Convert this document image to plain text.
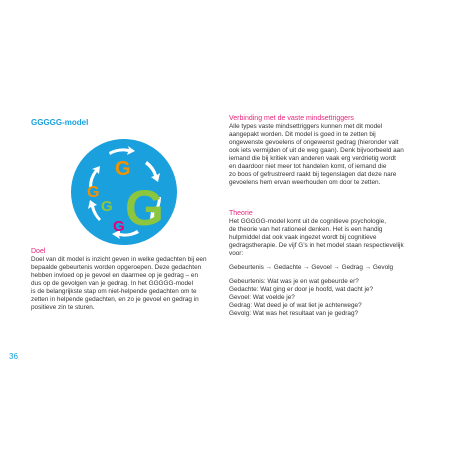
GGGGG-model
G
G G
G
G
Doel
Doel van dit model is inzicht geven in welke gedachten bij een
bepaalde gebeurtenis worden opgeroepen. Deze gedachten
hebben invloed op je gevoel en daarmee op je gedrag – en
dus op de gevolgen van je gedrag. In het GGGGG-model
is de belangrijkste stap om niet-helpende gedachten om te
zetten in helpende gedachten, en zo je gevoel en gedrag in
positieve zin te sturen.
Verbinding met de vaste mindsettriggers
Alle types vaste mindsettriggers kunnen met dit model
aangepakt worden. Dit model is goed in te zetten bij
ongewenste gevoelens of ongewenst gedrag (hieronder valt
ook iets vermijden of uit de weg gaan). Denk bijvoorbeeld aan
iemand die bij kritiek van anderen vaak erg verdrietig wordt
en daardoor niet meer tot handelen komt, of iemand die
zo boos of gefrustreerd raakt bij tegenslagen dat deze nare
gevoelens hem ervan weerhouden om door te zetten.
Theorie
Het GGGGG-model komt uit de cognitieve psychologie,
de theorie van het rationeel denken. Het is een handig
hulpmiddel dat ook vaak ingezet wordt bij cognitieve
gedragstherapie. De vijf G’s in het model staan respectievelijk
voor:
Gebeurtenis → Gedachte → Gevoel → Gedrag → Gevolg
Gebeurtenis: Wat was je en wat gebeurde er?
Gedachte: Wat ging er door je hoofd, wat dacht je?
Gevoel: Wat voelde je?
Gedrag: Wat deed je of wat liet je achterwege?
Gevolg: Wat was het resultaat van je gedrag?
36
